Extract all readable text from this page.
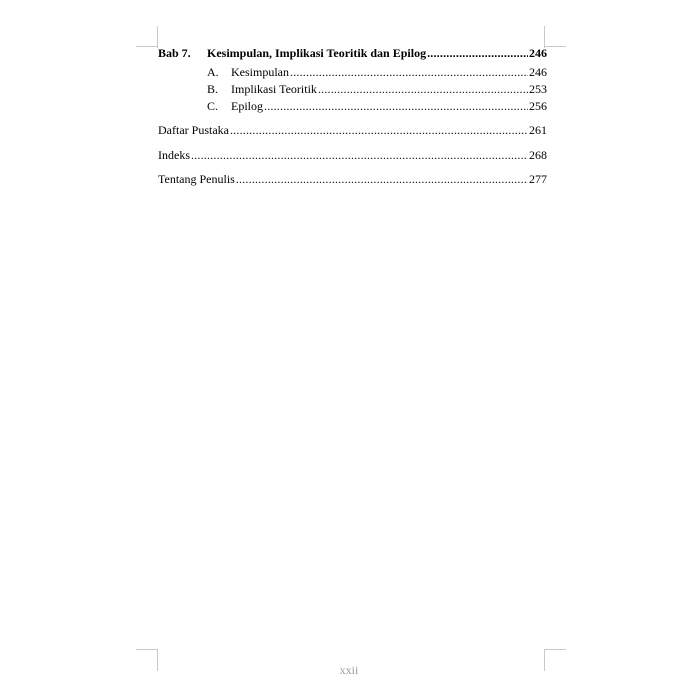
Bab 7. Kesimpulan, Implikasi Teoritik dan Epilog .....	246
A. Kesimpulan .....	246
B. Implikasi Teoritik .....	253
C. Epilog .....	256
Daftar Pustaka .....	261
Indeks .....	268
Tentang Penulis .....	277
xxii
